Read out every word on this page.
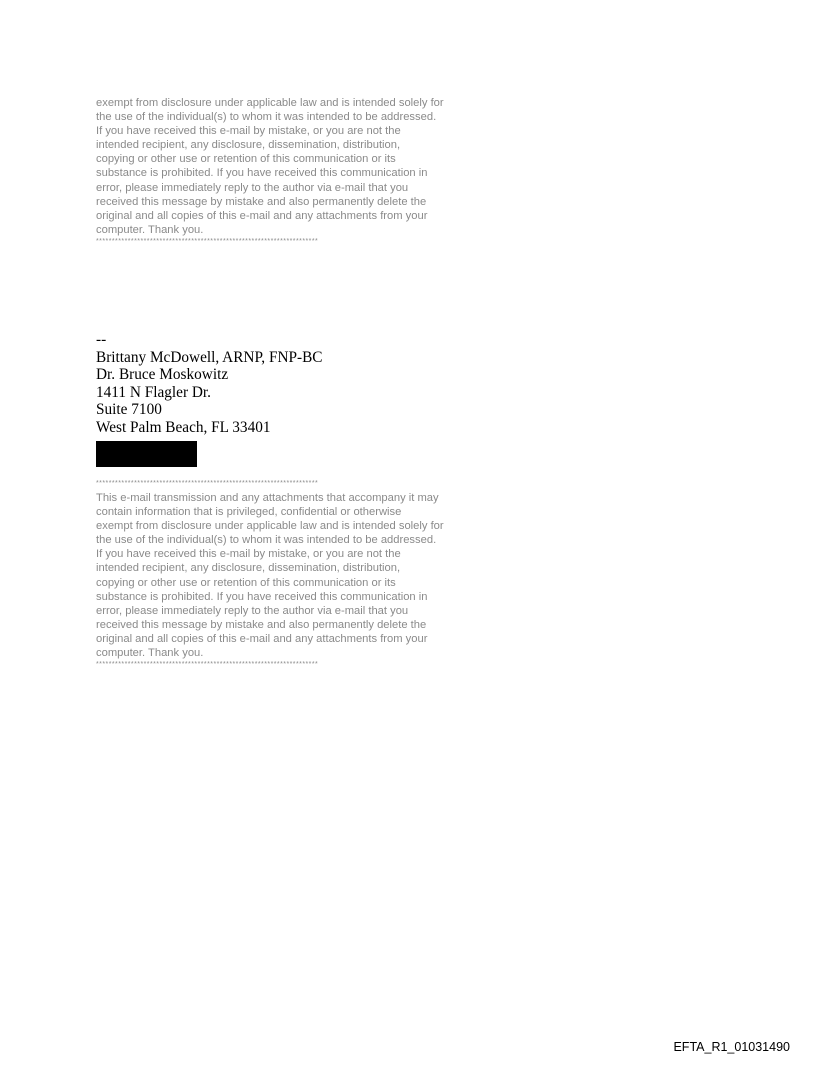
exempt from disclosure under applicable law and is intended solely for
the use of the individual(s) to whom it was intended to be addressed.
If you have received this e-mail by mistake, or you are not the
intended recipient, any disclosure, dissemination, distribution,
copying or other use or retention of this communication or its
substance is prohibited. If you have received this communication in
error, please immediately reply to the author via e-mail that you
received this message by mistake and also permanently delete the
original and all copies of this e-mail and any attachments from your
computer. Thank you.
**********************************************************************
--
Brittany McDowell, ARNP, FNP-BC
Dr. Bruce Moskowitz
1411 N Flagler Dr.
Suite 7100
West Palm Beach, FL 33401
**********************************************************************
This e-mail transmission and any attachments that accompany it may
contain information that is privileged, confidential or otherwise
exempt from disclosure under applicable law and is intended solely for
the use of the individual(s) to whom it was intended to be addressed.
If you have received this e-mail by mistake, or you are not the
intended recipient, any disclosure, dissemination, distribution,
copying or other use or retention of this communication or its
substance is prohibited. If you have received this communication in
error, please immediately reply to the author via e-mail that you
received this message by mistake and also permanently delete the
original and all copies of this e-mail and any attachments from your
computer. Thank you.
**********************************************************************
EFTA_R1_01031490
